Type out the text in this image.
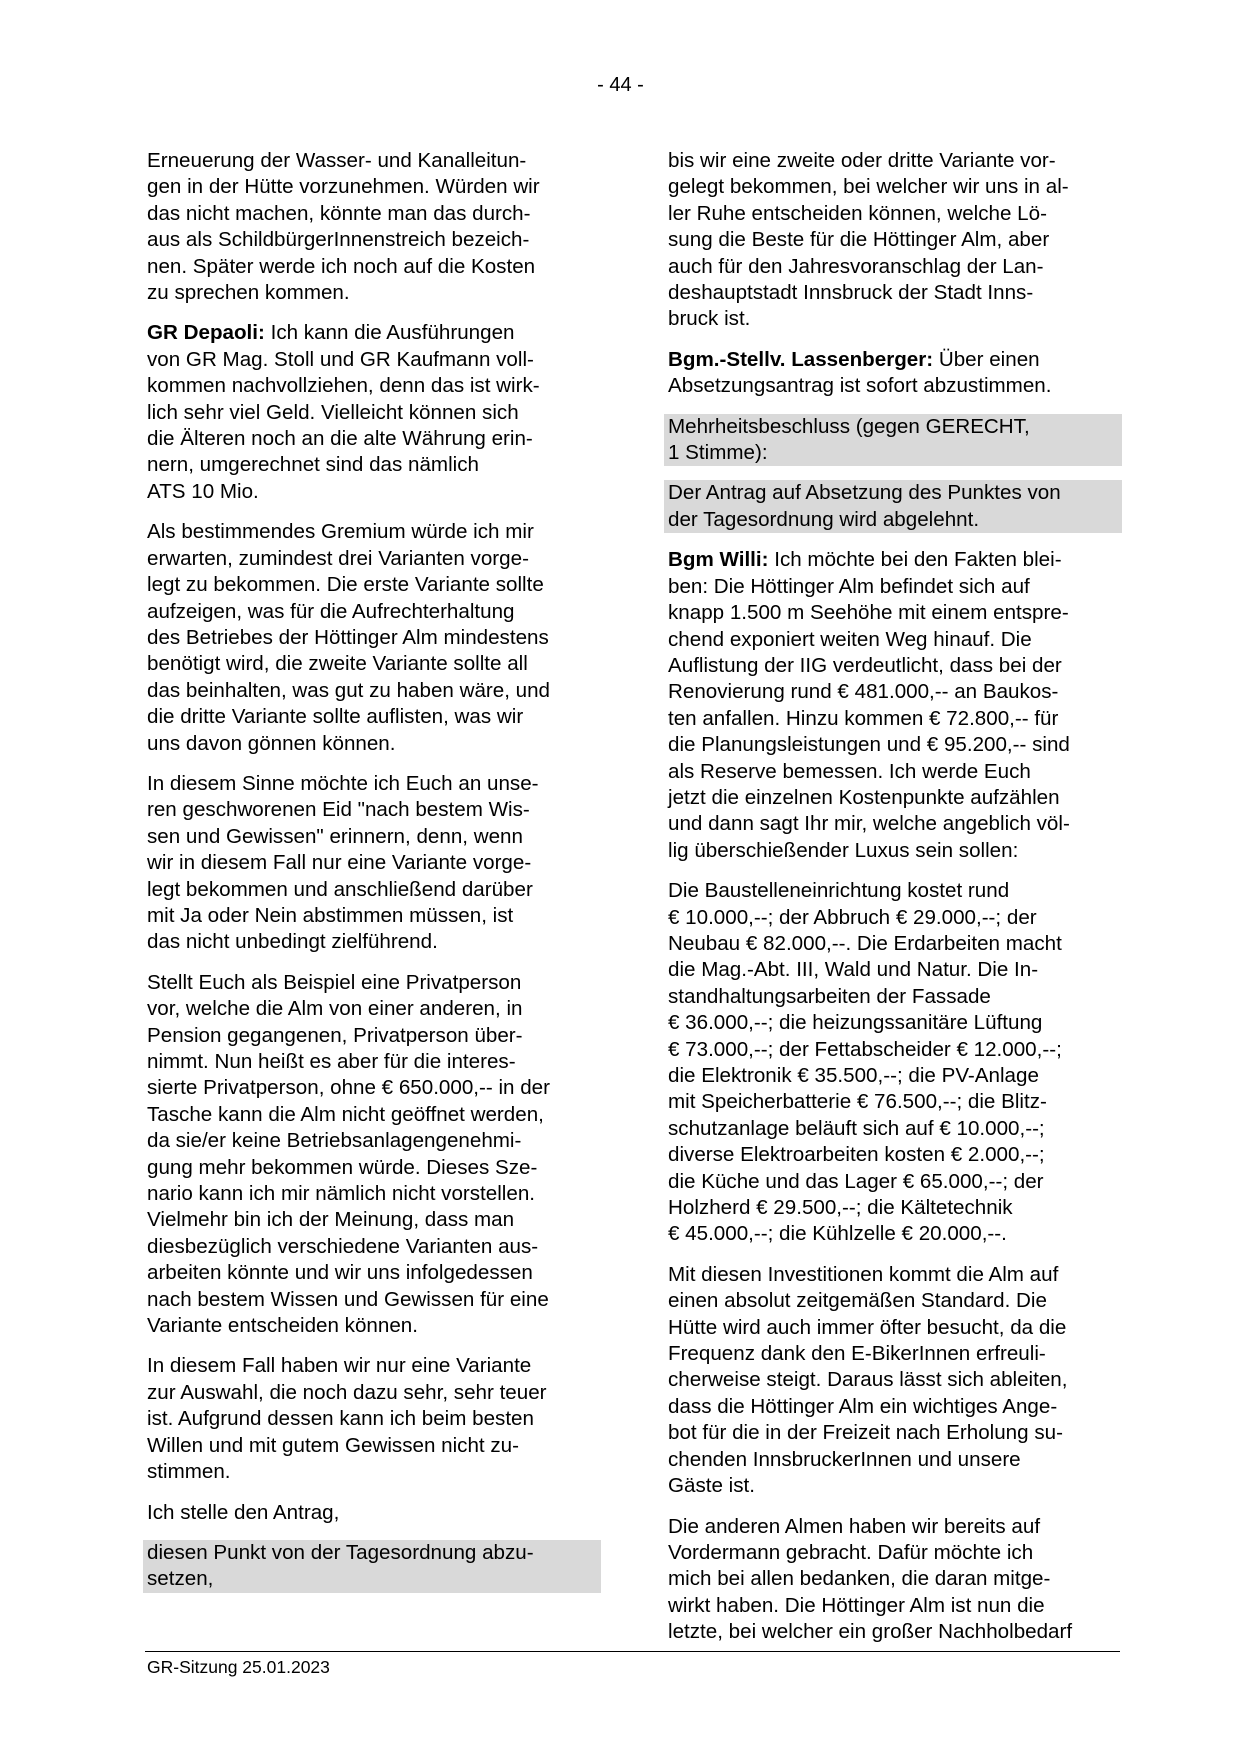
- 44 -
Erneuerung der Wasser- und Kanalleitun-
gen in der Hütte vorzunehmen. Würden wir
das nicht machen, könnte man das durch-
aus als SchildbürgerInnenstreich bezeich-
nen. Später werde ich noch auf die Kosten
zu sprechen kommen.
GR Depaoli: Ich kann die Ausführungen
von GR Mag. Stoll und GR Kaufmann voll-
kommen nachvollziehen, denn das ist wirk-
lich sehr viel Geld. Vielleicht können sich
die Älteren noch an die alte Währung erin-
nern, umgerechnet sind das nämlich
ATS 10 Mio.
Als bestimmendes Gremium würde ich mir
erwarten, zumindest drei Varianten vorge-
legt zu bekommen. Die erste Variante sollte
aufzeigen, was für die Aufrechterhaltung
des Betriebes der Höttinger Alm mindestens
benötigt wird, die zweite Variante sollte all
das beinhalten, was gut zu haben wäre, und
die dritte Variante sollte auflisten, was wir
uns davon gönnen können.
In diesem Sinne möchte ich Euch an unse-
ren geschworenen Eid "nach bestem Wis-
sen und Gewissen" erinnern, denn, wenn
wir in diesem Fall nur eine Variante vorge-
legt bekommen und anschließend darüber
mit Ja oder Nein abstimmen müssen, ist
das nicht unbedingt zielführend.
Stellt Euch als Beispiel eine Privatperson
vor, welche die Alm von einer anderen, in
Pension gegangenen, Privatperson über-
nimmt. Nun heißt es aber für die interes-
sierte Privatperson, ohne € 650.000,-- in der
Tasche kann die Alm nicht geöffnet werden,
da sie/er keine Betriebsanlagengenehmi-
gung mehr bekommen würde. Dieses Sze-
nario kann ich mir nämlich nicht vorstellen.
Vielmehr bin ich der Meinung, dass man
diesbezüglich verschiedene Varianten aus-
arbeiten könnte und wir uns infolgedessen
nach bestem Wissen und Gewissen für eine
Variante entscheiden können.
In diesem Fall haben wir nur eine Variante
zur Auswahl, die noch dazu sehr, sehr teuer
ist. Aufgrund dessen kann ich beim besten
Willen und mit gutem Gewissen nicht zu-
stimmen.
Ich stelle den Antrag,
diesen Punkt von der Tagesordnung abzu-
setzen,
bis wir eine zweite oder dritte Variante vor-
gelegt bekommen, bei welcher wir uns in al-
ler Ruhe entscheiden können, welche Lö-
sung die Beste für die Höttinger Alm, aber
auch für den Jahresvoranschlag der Lan-
deshauptstadt Innsbruck der Stadt Inns-
bruck ist.
Bgm.-Stellv. Lassenberger: Über einen
Absetzungsantrag ist sofort abzustimmen.
Mehrheitsbeschluss (gegen GERECHT,
1 Stimme):
Der Antrag auf Absetzung des Punktes von
der Tagesordnung wird abgelehnt.
Bgm Willi: Ich möchte bei den Fakten blei-
ben: Die Höttinger Alm befindet sich auf
knapp 1.500 m Seehöhe mit einem entspre-
chend exponiert weiten Weg hinauf. Die
Auflistung der IIG verdeutlicht, dass bei der
Renovierung rund € 481.000,-- an Baukos-
ten anfallen. Hinzu kommen € 72.800,-- für
die Planungsleistungen und € 95.200,-- sind
als Reserve bemessen. Ich werde Euch
jetzt die einzelnen Kostenpunkte aufzählen
und dann sagt Ihr mir, welche angeblich völ-
lig überschießender Luxus sein sollen:
Die Baustelleneinrichtung kostet rund
€ 10.000,--; der Abbruch € 29.000,--; der
Neubau € 82.000,--. Die Erdarbeiten macht
die Mag.-Abt. III, Wald und Natur. Die In-
standhaltungsarbeiten der Fassade
€ 36.000,--; die heizungssanitäre Lüftung
€ 73.000,--; der Fettabscheider € 12.000,--;
die Elektronik € 35.500,--; die PV-Anlage
mit Speicherbatterie € 76.500,--; die Blitz-
schutzanlage beläuft sich auf € 10.000,--;
diverse Elektroarbeiten kosten € 2.000,--;
die Küche und das Lager € 65.000,--; der
Holzherd € 29.500,--; die Kältetechnik
€ 45.000,--; die Kühlzelle € 20.000,--.
Mit diesen Investitionen kommt die Alm auf
einen absolut zeitgemäßen Standard. Die
Hütte wird auch immer öfter besucht, da die
Frequenz dank den E-BikerInnen erfreuli-
cherweise steigt. Daraus lässt sich ableiten,
dass die Höttinger Alm ein wichtiges Ange-
bot für die in der Freizeit nach Erholung su-
chenden InnsbruckerInnen und unsere
Gäste ist.
Die anderen Almen haben wir bereits auf
Vordermann gebracht. Dafür möchte ich
mich bei allen bedanken, die daran mitge-
wirkt haben. Die Höttinger Alm ist nun die
letzte, bei welcher ein großer Nachholbedarf
GR-Sitzung 25.01.2023
